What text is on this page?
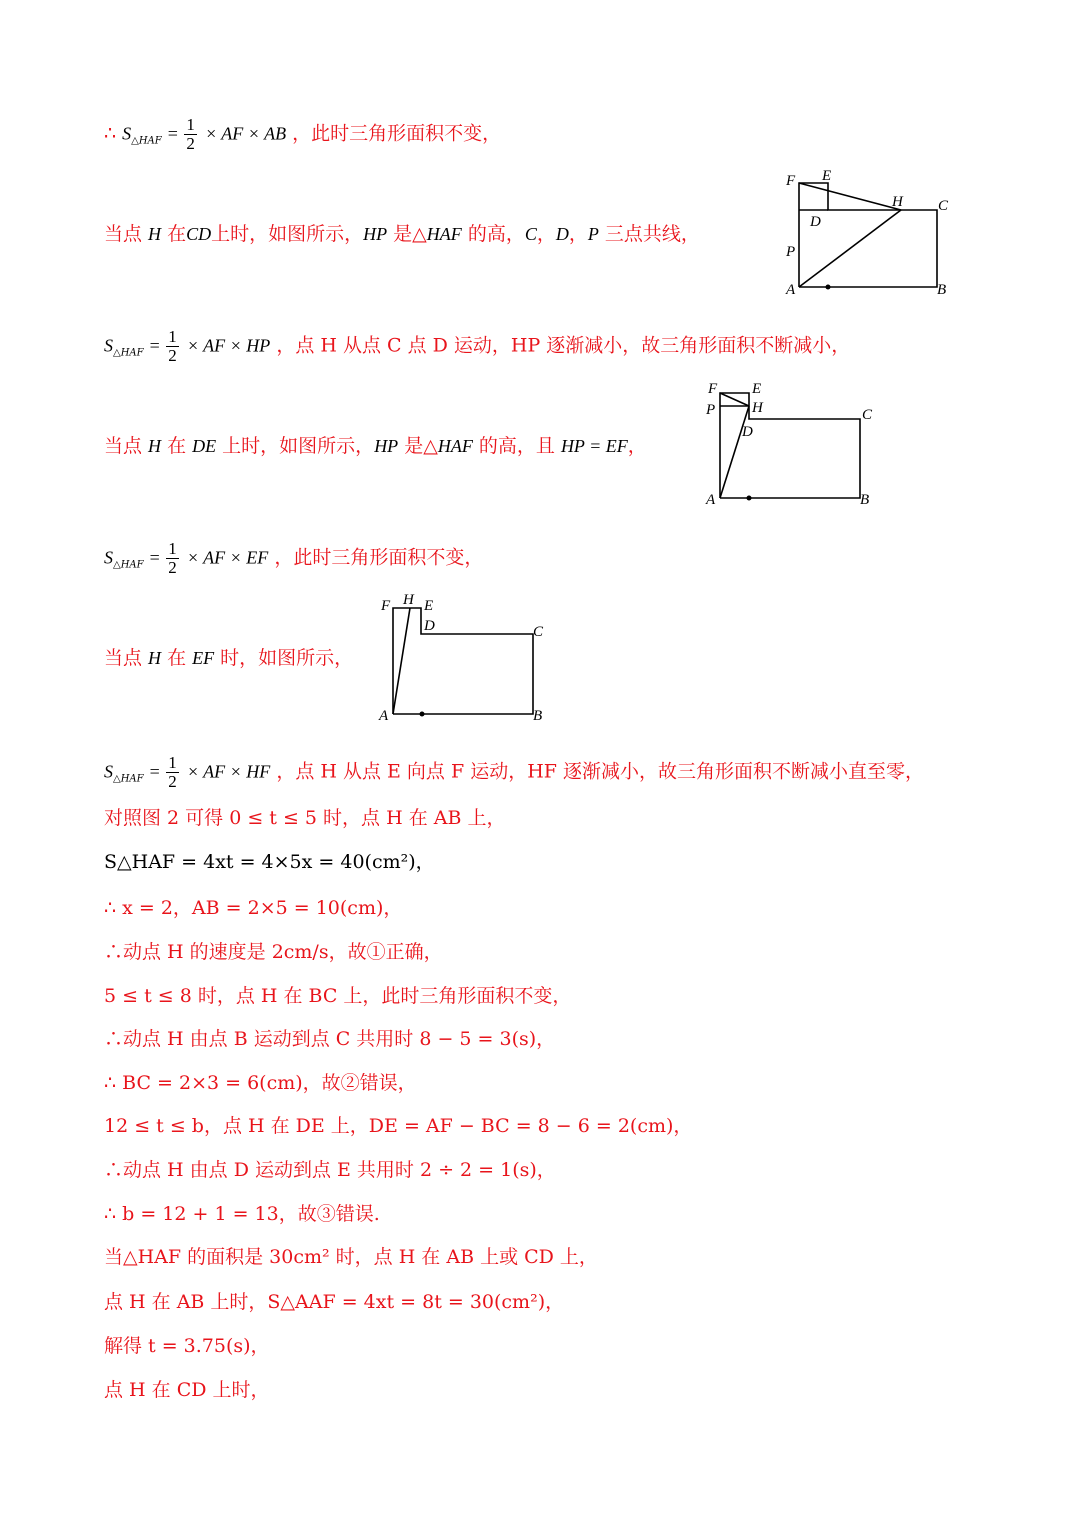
∴ $S_{\triangle HAF} = \frac{1}{2}$ × AF × AB ，此时三角形面积不变，
当点 H 在CD上时，如图所示，HP 是△HAF 的高，C，D，P 三点共线，
F E
D
H C
P
A	B
$S_{\triangle HAF} = \frac{1}{2}$ × AF × HP ，点 H 从点 C 点 D 运动，HP 逐渐减小，故三角形面积不断减小，
当点 H 在 DE 上时，如图所示，HP 是△HAF 的高，且 HP = EF，
F E
P H
D
C
A	B
$S_{\triangle HAF} = \frac{1}{2}$ × AF × EF ，此时三角形面积不变，
当点 H 在 EF 时，如图所示，
F H E
D	C
A	B
$S_{\triangle HAF} = \frac{1}{2}$ × AF × HF ，点 H 从点 E 向点 F 运动，HF 逐渐减小，故三角形面积不断减小直至零，
对照图 2 可得 0 ≤ t ≤ 5 时，点 H 在 AB 上，
S△HAF = 4xt = 4×5x = 40(cm²)，
∴ x = 2，AB = 2×5 = 10(cm)，
∴动点 H 的速度是 2cm/s，故①正确，
5 ≤ t ≤ 8 时，点 H 在 BC 上，此时三角形面积不变，
∴动点 H 由点 B 运动到点 C 共用时 8 − 5 = 3(s)，
∴ BC = 2×3 = 6(cm)，故②错误，
12 ≤ t ≤ b，点 H 在 DE 上，DE = AF − BC = 8 − 6 = 2(cm)，
∴动点 H 由点 D 运动到点 E 共用时 2 ÷ 2 = 1(s)，
∴ b = 12 + 1 = 13，故③错误.
当△HAF 的面积是 30cm² 时，点 H 在 AB 上或 CD 上，
点 H 在 AB 上时，S△AAF = 4xt = 8t = 30(cm²)，
解得 t = 3.75(s)，
点 H 在 CD 上时，
